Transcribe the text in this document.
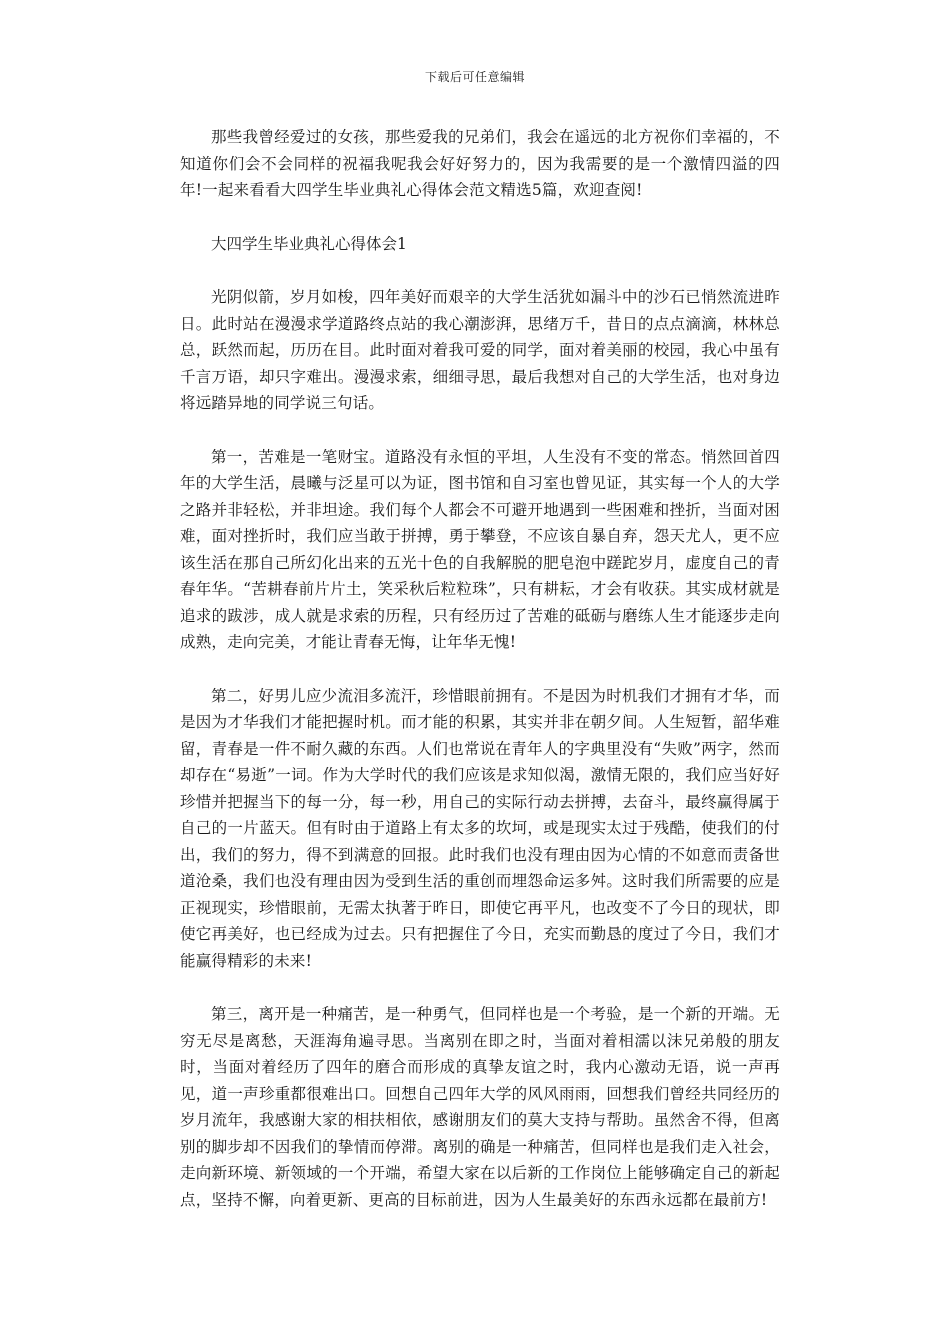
下载后可任意编辑

那些我曾经爱过的女孩，那些爱我的兄弟们，我会在遥远的北方祝你们幸福的，不知道你们会不会同样的祝福我呢我会好好努力的，因为我需要的是一个激情四溢的四年!一起来看看大四学生毕业典礼心得体会范文精选5篇，欢迎查阅!

大四学生毕业典礼心得体会1

光阴似箭，岁月如梭，四年美好而艰辛的大学生活犹如漏斗中的沙石已悄然流进昨日。此时站在漫漫求学道路终点站的我心潮澎湃，思绪万千，昔日的点点滴滴，林林总总，跃然而起，历历在目。此时面对着我可爱的同学，面对着美丽的校园，我心中虽有千言万语，却只字难出。漫漫求索，细细寻思，最后我想对自己的大学生活，也对身边将远踏异地的同学说三句话。

第一，苦难是一笔财宝。道路没有永恒的平坦，人生没有不变的常态。悄然回首四年的大学生活，晨曦与泛星可以为证，图书馆和自习室也曾见证，其实每一个人的大学之路并非轻松，并非坦途。我们每个人都会不可避开地遇到一些困难和挫折，当面对困难，面对挫折时，我们应当敢于拼搏，勇于攀登，不应该自暴自弃，怨天尤人，更不应该生活在那自己所幻化出来的五光十色的自我解脱的肥皂泡中蹉跎岁月，虚度自己的青春年华。“苦耕春前片片土，笑采秋后粒粒珠”，只有耕耘，才会有收获。其实成材就是追求的跋涉，成人就是求索的历程，只有经历过了苦难的砥砺与磨练人生才能逐步走向成熟，走向完美，才能让青春无悔，让年华无愧!

第二，好男儿应少流泪多流汗，珍惜眼前拥有。不是因为时机我们才拥有才华，而是因为才华我们才能把握时机。而才能的积累，其实并非在朝夕间。人生短暂，韶华难留，青春是一件不耐久藏的东西。人们也常说在青年人的字典里没有“失败”两字，然而却存在“易逝”一词。作为大学时代的我们应该是求知似渴，激情无限的，我们应当好好珍惜并把握当下的每一分，每一秒，用自己的实际行动去拼搏，去奋斗，最终赢得属于自己的一片蓝天。但有时由于道路上有太多的坎坷，或是现实太过于残酷，使我们的付出，我们的努力，得不到满意的回报。此时我们也没有理由因为心情的不如意而责备世道沧桑，我们也没有理由因为受到生活的重创而埋怨命运多舛。这时我们所需要的应是正视现实，珍惜眼前，无需太执著于昨日，即使它再平凡，也改变不了今日的现状，即使它再美好，也已经成为过去。只有把握住了今日，充实而勤恳的度过了今日，我们才能赢得精彩的未来!

第三，离开是一种痛苦，是一种勇气，但同样也是一个考验，是一个新的开端。无穷无尽是离愁，天涯海角遍寻思。当离别在即之时，当面对着相濡以沫兄弟般的朋友时，当面对着经历了四年的磨合而形成的真挚友谊之时，我内心激动无语，说一声再见，道一声珍重都很难出口。回想自己四年大学的风风雨雨，回想我们曾经共同经历的岁月流年，我感谢大家的相扶相依，感谢朋友们的莫大支持与帮助。虽然舍不得，但离别的脚步却不因我们的挚情而停滞。离别的确是一种痛苦，但同样也是我们走入社会，走向新环境、新领域的一个开端，希望大家在以后新的工作岗位上能够确定自己的新起点，坚持不懈，向着更新、更高的目标前进，因为人生最美好的东西永远都在最前方!
